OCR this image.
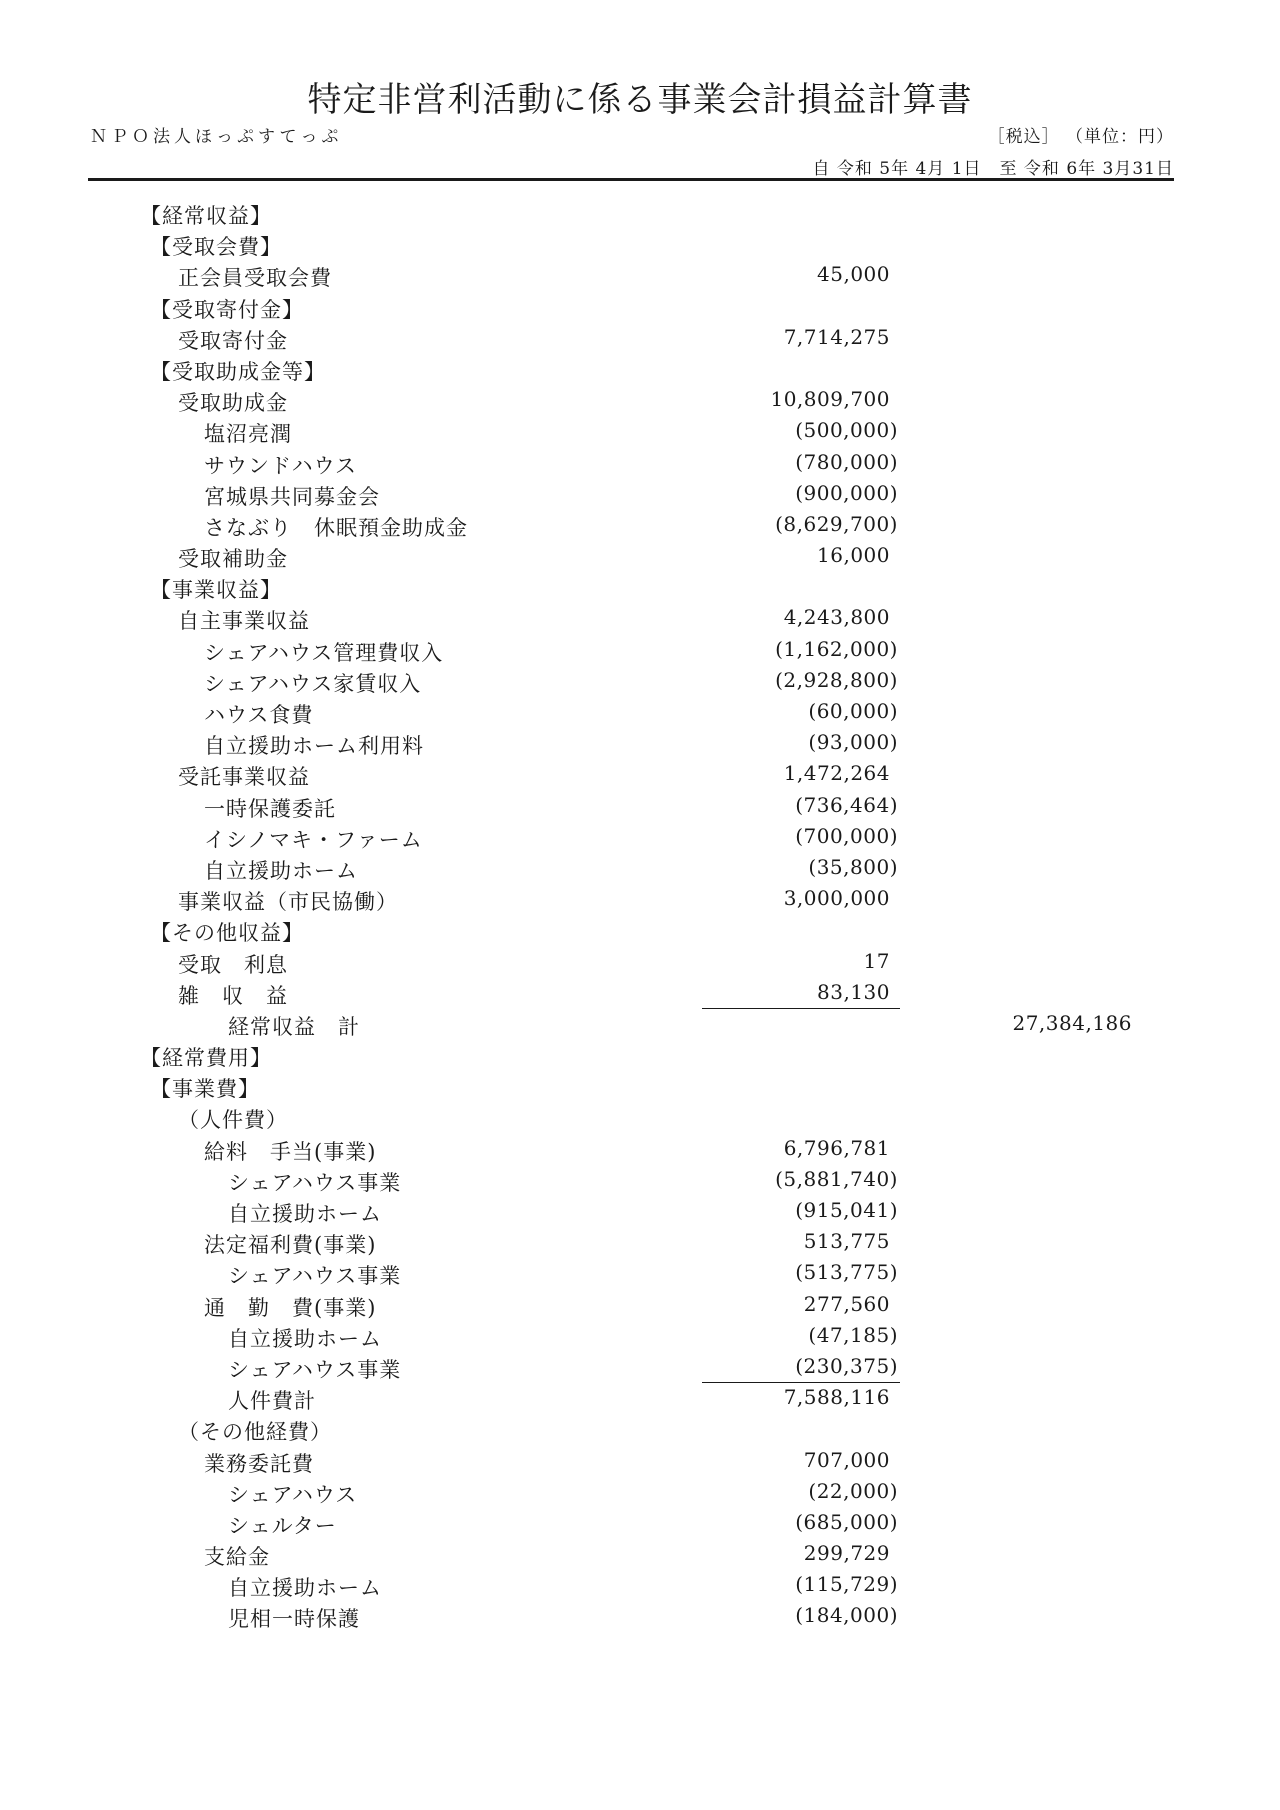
特定非営利活動に係る事業会計損益計算書
ＮＰＯ法人ほっぷすてっぷ	［税込］ （単位：円）
自 令和 5年 4月 1日　至 令和 6年 3月31日
【経常収益】
【受取会費】
正会員受取会費	45,000
【受取寄付金】
受取寄付金	7,714,275
【受取助成金等】
受取助成金	10,809,700
塩沼亮潤	(500,000)
サウンドハウス	(780,000)
宮城県共同募金会	(900,000)
さなぶり　休眠預金助成金	(8,629,700)
受取補助金	16,000
【事業収益】
自主事業収益	4,243,800
シェアハウス管理費収入	(1,162,000)
シェアハウス家賃収入	(2,928,800)
ハウス食費	(60,000)
自立援助ホーム利用料	(93,000)
受託事業収益	1,472,264
一時保護委託	(736,464)
イシノマキ・ファーム	(700,000)
自立援助ホーム	(35,800)
事業収益（市民協働）	3,000,000
【その他収益】
受取　利息	17
雑　収　益	83,130
経常収益　計	27,384,186
【経常費用】
【事業費】
（人件費）
給料　手当(事業)	6,796,781
シェアハウス事業	(5,881,740)
自立援助ホーム	(915,041)
法定福利費(事業)	513,775
シェアハウス事業	(513,775)
通　勤　費(事業)	277,560
自立援助ホーム	(47,185)
シェアハウス事業	(230,375)
人件費計	7,588,116
（その他経費）
業務委託費	707,000
シェアハウス	(22,000)
シェルター	(685,000)
支給金	299,729
自立援助ホーム	(115,729)
児相一時保護	(184,000)
